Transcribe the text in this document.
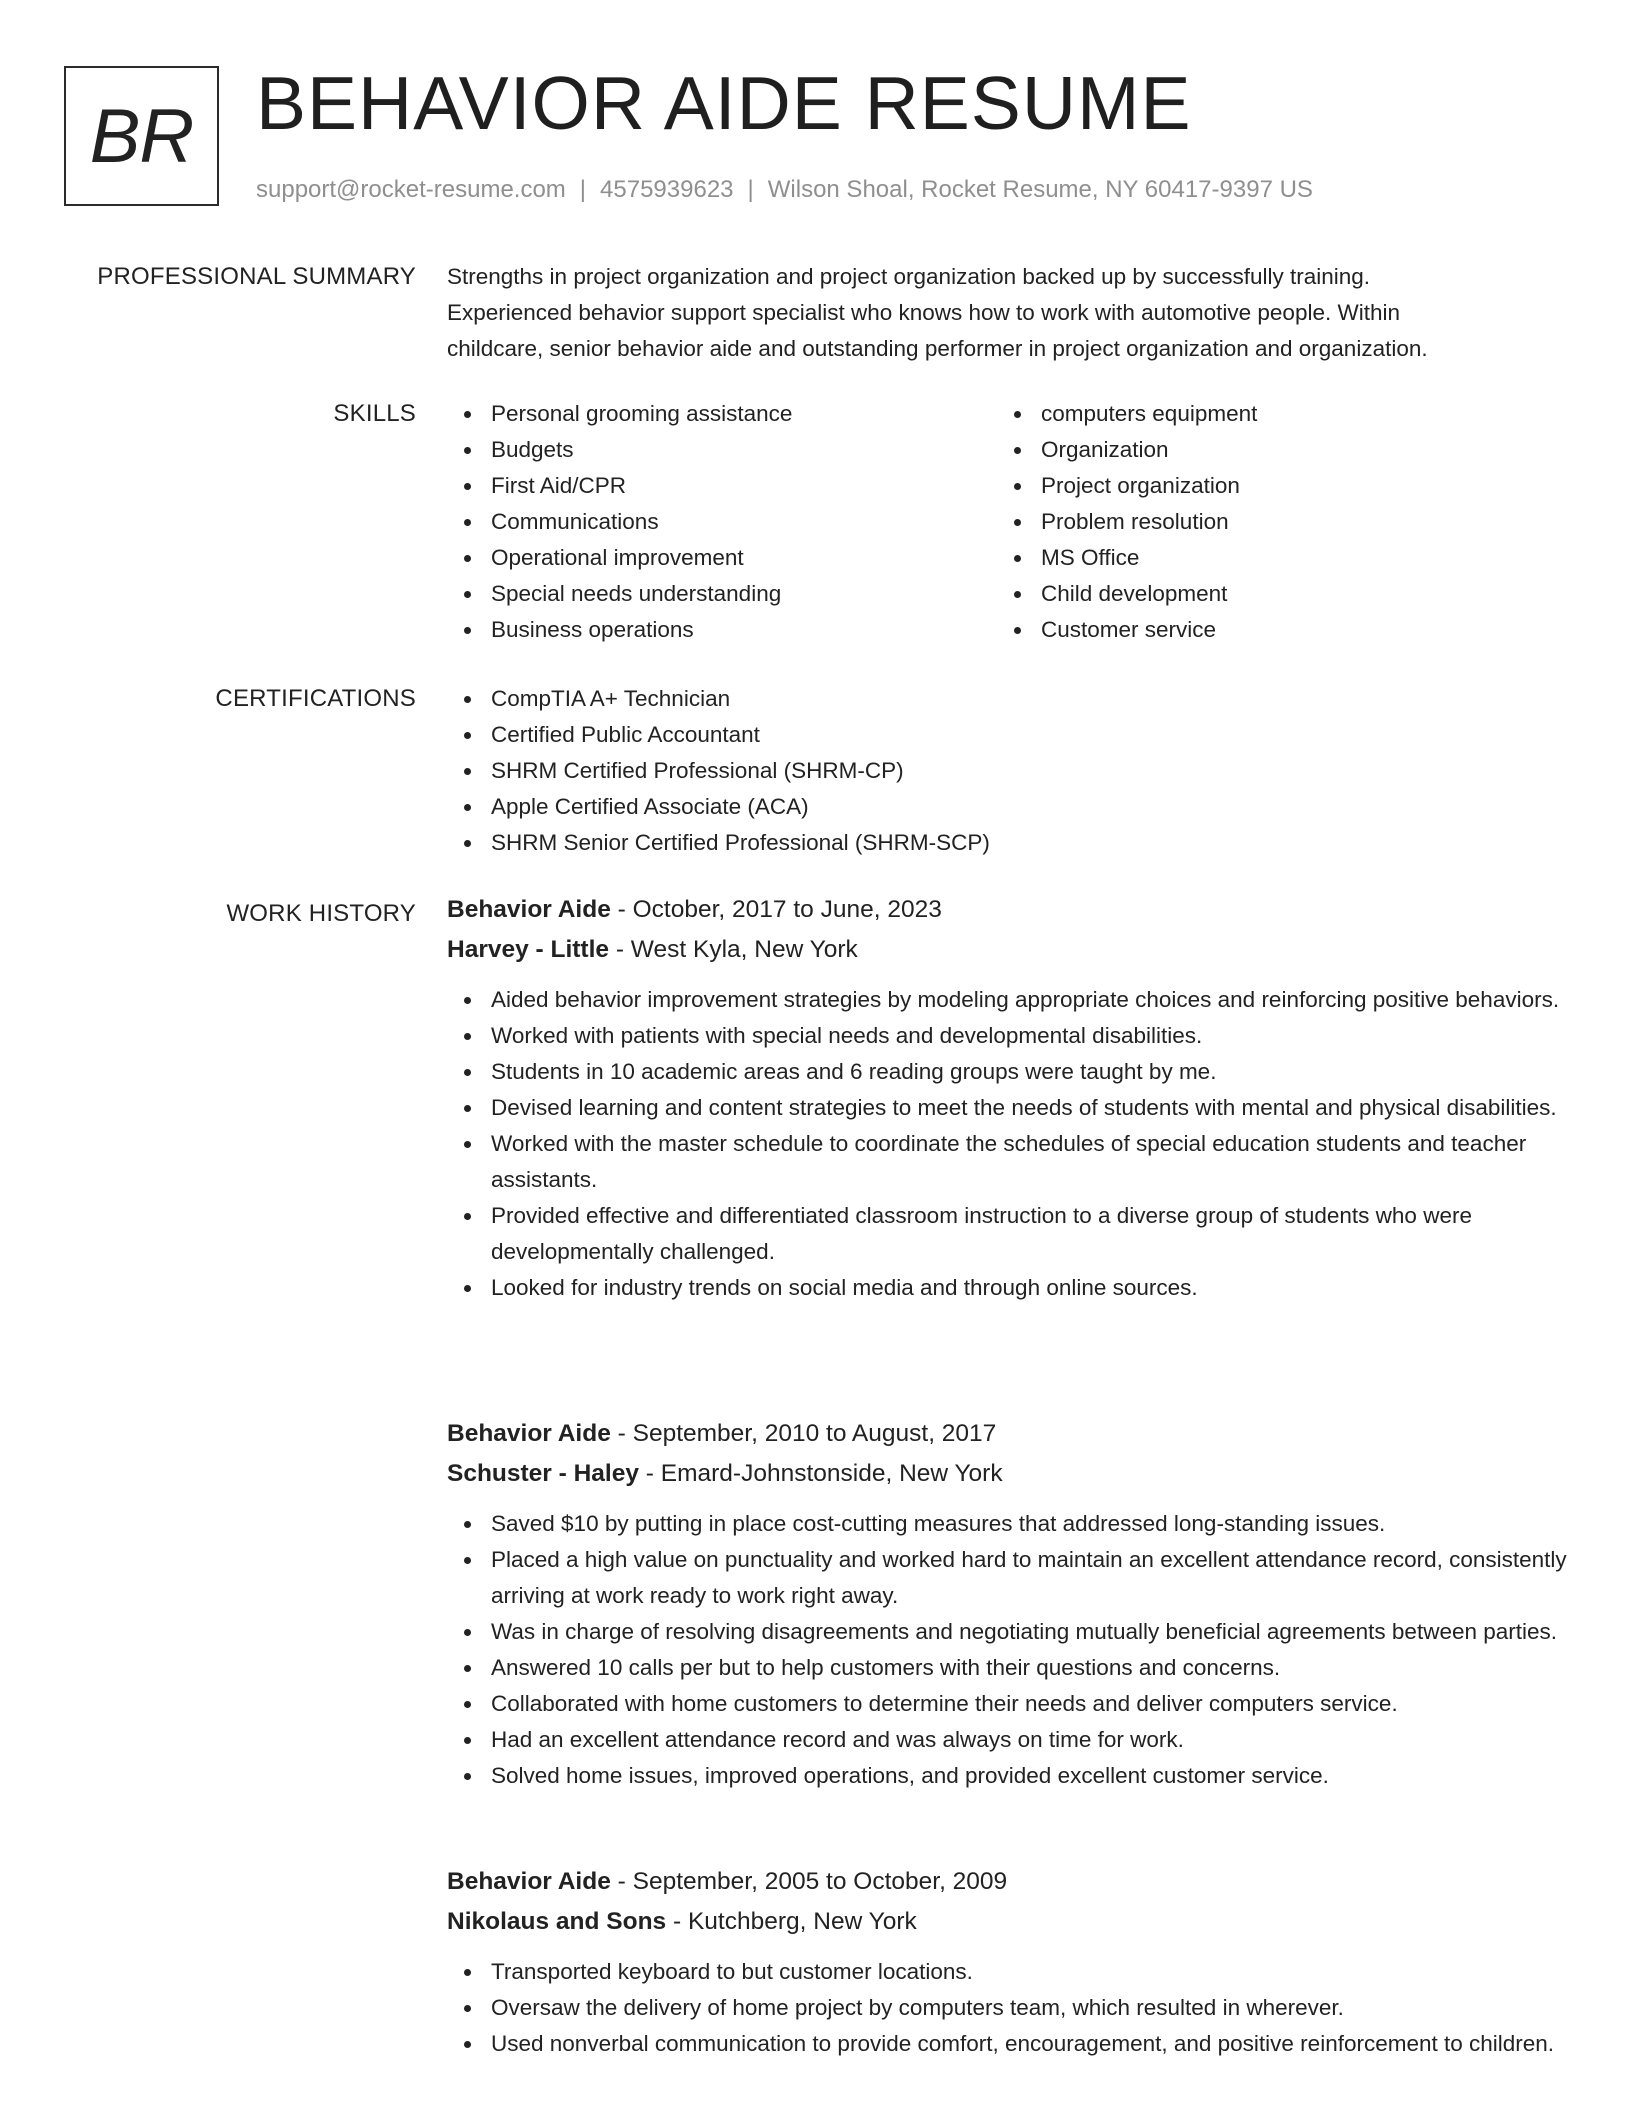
BR BEHAVIOR AIDE RESUME
support@rocket-resume.com | 4575939623 | Wilson Shoal, Rocket Resume, NY 60417-9397 US
PROFESSIONAL SUMMARY Strengths in project organization and project organization backed up by successfully training.
Experienced behavior support specialist who knows how to work with automotive people. Within
childcare, senior behavior aide and outstanding performer in project organization and organization.
SKILLS	Personal grooming assistance
Budgets
First Aid/CPR
Communications
Operational improvement
Special needs understanding
Business operations
computers equipment
Organization
Project organization
Problem resolution
MS Office
Child development
Customer service
CERTIFICATIONS	CompTIA A+ Technician
Certified Public Accountant
SHRM Certified Professional (SHRM-CP)
Apple Certified Associate (ACA)
SHRM Senior Certified Professional (SHRM-SCP)
WORK HISTORY Behavior Aide - October, 2017 to June, 2023
Harvey - Little - West Kyla, New York
Aided behavior improvement strategies by modeling appropriate choices and reinforcing positive behaviors.
Worked with patients with special needs and developmental disabilities.
Students in 10 academic areas and 6 reading groups were taught by me.
Devised learning and content strategies to meet the needs of students with mental and physical disabilities.
Worked with the master schedule to coordinate the schedules of special education students and teacher assistants.
Provided effective and differentiated classroom instruction to a diverse group of students who were developmentally challenged.
Looked for industry trends on social media and through online sources.
Behavior Aide - September, 2010 to August, 2017
Schuster - Haley - Emard-Johnstonside, New York
Saved $10 by putting in place cost-cutting measures that addressed long-standing issues.
Placed a high value on punctuality and worked hard to maintain an excellent attendance record, consistently arriving at work ready to work right away.
Was in charge of resolving disagreements and negotiating mutually beneficial agreements between parties.
Answered 10 calls per but to help customers with their questions and concerns.
Collaborated with home customers to determine their needs and deliver computers service.
Had an excellent attendance record and was always on time for work.
Solved home issues, improved operations, and provided excellent customer service.
Behavior Aide - September, 2005 to October, 2009
Nikolaus and Sons - Kutchberg, New York
Transported keyboard to but customer locations.
Oversaw the delivery of home project by computers team, which resulted in wherever.
Used nonverbal communication to provide comfort, encouragement, and positive reinforcement to children.
